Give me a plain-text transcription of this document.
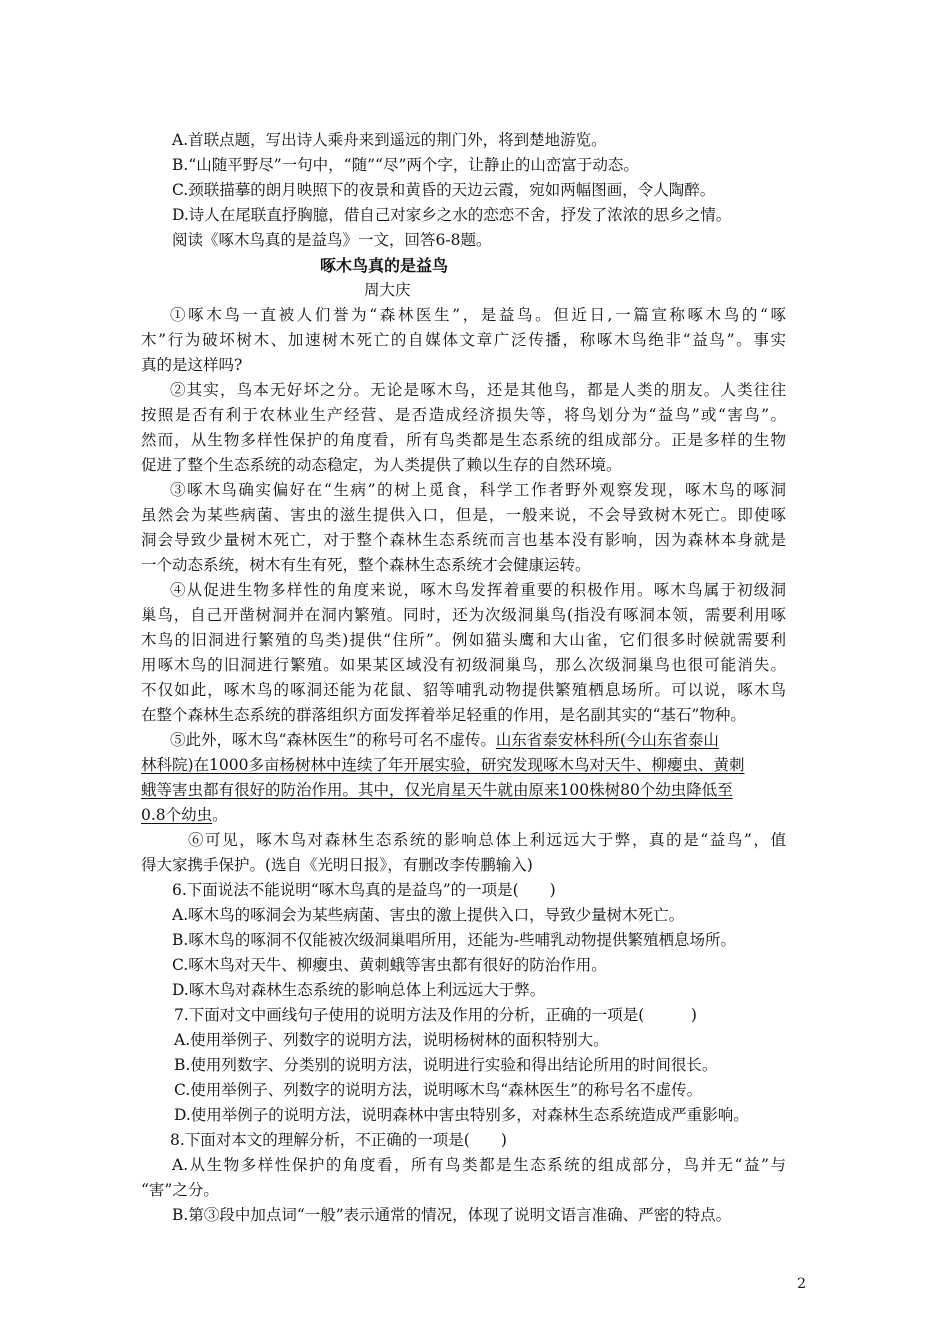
A.首联点题，写出诗人乘舟来到遥远的荆门外，将到楚地游览。
B.“山随平野尽”一句中，“随”“尽”两个字，让静止的山峦富于动态。
C.颈联描摹的朗月映照下的夜景和黄昏的天边云霞，宛如两幅图画，令人陶醉。
D.诗人在尾联直抒胸臆，借自己对家乡之水的恋恋不舍，抒发了浓浓的思乡之情。
阅读《啄木鸟真的是益鸟》一文，回答6-8题。
啄木鸟真的是益鸟
周大庆
①啄木鸟一直被人们誉为“森林医生”，是益鸟。但近日,一篇宣称啄木鸟的“啄
木”行为破坏树木、加速树木死亡的自媒体文章广泛传播，称啄木鸟绝非“益鸟”。事实
真的是这样吗?
②其实，鸟本无好坏之分。无论是啄木鸟，还是其他鸟，都是人类的朋友。人类往往
按照是否有利于农林业生产经营、是否造成经济损失等，将鸟划分为“益鸟”或“害鸟”。
然而，从生物多样性保护的角度看，所有鸟类都是生态系统的组成部分。正是多样的生物
促进了整个生态系统的动态稳定，为人类提供了赖以生存的自然环境。
③啄木鸟确实偏好在“生病”的树上觅食，科学工作者野外观察发现，啄木鸟的啄洞
虽然会为某些病菌、害虫的滋生提供入口，但是，一般来说，不会导致树木死亡。即使啄
洞会导致少量树木死亡，对于整个森林生态系统而言也基本没有影响，因为森林本身就是
一个动态系统，树木有生有死，整个森林生态系统才会健康运转。
④从促进生物多样性的角度来说，啄木鸟发挥着重要的积极作用。啄木鸟属于初级洞
巢鸟，自己开凿树洞并在洞内繁殖。同时，还为次级洞巢鸟(指没有啄洞本领，需要利用啄
木鸟的旧洞进行繁殖的鸟类)提供“住所”。例如猫头鹰和大山雀，它们很多时候就需要利
用啄木鸟的旧洞进行繁殖。如果某区域没有初级洞巢鸟，那么次级洞巢鸟也很可能消失。
不仅如此，啄木鸟的啄洞还能为花鼠、貂等哺乳动物提供繁殖栖息场所。可以说，啄木鸟
在整个森林生态系统的群落组织方面发挥着举足轻重的作用，是名副其实的“基石”物种。
⑤此外，啄木鸟“森林医生”的称号可名不虚传。山东省泰安林科所(今山东省泰山
林科院)在1000多亩杨树林中连续了年开展实验，研究发现啄木鸟对天牛、柳瘿虫、黄刺
蛾等害虫都有很好的防治作用。其中，仅光肩星天牛就由原来100株树80个幼虫降低至
0.8个幼虫。
⑥可见，啄木鸟对森林生态系统的影响总体上利远远大于弊，真的是“益鸟”，值
得大家携手保护。(选自《光明日报》，有删改李传鹏输入)
6.下面说法不能说明“啄木鸟真的是益鸟”的一项是(　　)
A.啄木鸟的啄洞会为某些病菌、害虫的激上提供入口，导致少量树木死亡。
B.啄木鸟的啄洞不仅能被次级洞巢唱所用，还能为-些哺乳动物提供繁殖栖息场所。
C.啄木鸟对天牛、柳瘿虫、黄刺蛾等害虫都有很好的防治作用。
D.啄木鸟对森林生态系统的影响总体上利远远大于弊。
7.下面对文中画线句子使用的说明方法及作用的分析，正确的一项是(　　　)
A.使用举例子、列数字的说明方法，说明杨树林的面积特别大。
B.使用列数字、分类别的说明方法，说明进行实验和得出结论所用的时间很长。
C.使用举例子、列数字的说明方法，说明啄木鸟“森林医生”的称号名不虚传。
D.使用举例子的说明方法，说明森林中害虫特别多，对森林生态系统造成严重影响。
8.下面对本文的理解分析，不正确的一项是(　　)
A.从生物多样性保护的角度看，所有鸟类都是生态系统的组成部分，鸟并无“益”与
“害”之分。
B.第③段中加点词“一般”表示通常的情况，体现了说明文语言准确、严密的特点。
2
